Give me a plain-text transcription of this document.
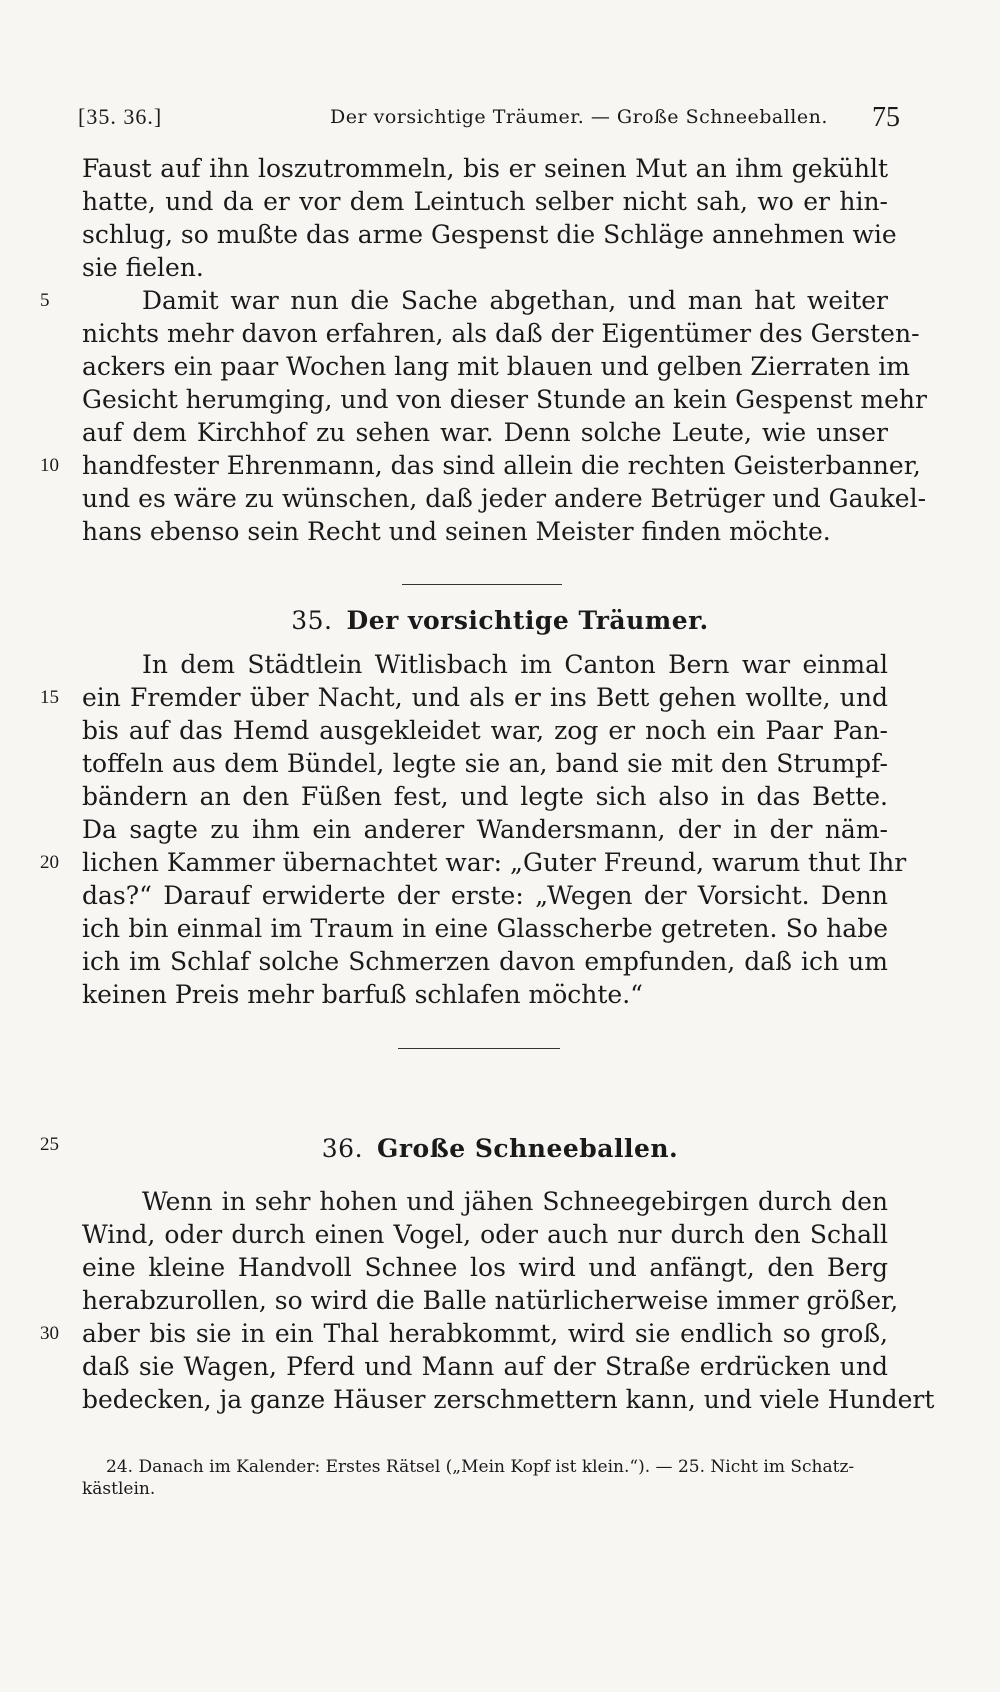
[35. 36.]	Der vorsichtige Träumer. — Große Schneeballen. 75
Faust auf ihn loszutrommeln, bis er seinen Mut an ihm gekühlt
hatte, und da er vor dem Leintuch selber nicht sah, wo er hin-
schlug, so mußte das arme Gespenst die Schläge annehmen wie
sie fielen.
5	Damit war nun die Sache abgethan, und man hat weiter
nichts mehr davon erfahren, als daß der Eigentümer des Gersten-
ackers ein paar Wochen lang mit blauen und gelben Zierraten im
Gesicht herumging, und von dieser Stunde an kein Gespenst mehr
auf dem Kirchhof zu sehen war. Denn solche Leute, wie unser
10 handfester Ehrenmann, das sind allein die rechten Geisterbanner,
und es wäre zu wünschen, daß jeder andere Betrüger und Gaukel-
hans ebenso sein Recht und seinen Meister finden möchte.
35. Der vorsichtige Träumer.
In dem Städtlein Witlisbach im Canton Bern war einmal
15 ein Fremder über Nacht, und als er ins Bett gehen wollte, und
bis auf das Hemd ausgekleidet war, zog er noch ein Paar Pan-
toffeln aus dem Bündel, legte sie an, band sie mit den Strumpf-
bändern an den Füßen fest, und legte sich also in das Bette.
Da sagte zu ihm ein anderer Wandersmann, der in der näm-
20 lichen Kammer übernachtet war: „Guter Freund, warum thut Ihr
das?“ Darauf erwiderte der erste: „Wegen der Vorsicht. Denn
ich bin einmal im Traum in eine Glasscherbe getreten. So habe
ich im Schlaf solche Schmerzen davon empfunden, daß ich um
keinen Preis mehr barfuß schlafen möchte.“
25	36. Große Schneeballen.
Wenn in sehr hohen und jähen Schneegebirgen durch den
Wind, oder durch einen Vogel, oder auch nur durch den Schall
eine kleine Handvoll Schnee los wird und anfängt, den Berg
herabzurollen, so wird die Balle natürlicherweise immer größer,
30 aber bis sie in ein Thal herabkommt, wird sie endlich so groß,
daß sie Wagen, Pferd und Mann auf der Straße erdrücken und
bedecken, ja ganze Häuser zerschmettern kann, und viele Hundert
24. Danach im Kalender: Erstes Rätsel („Mein Kopf ist klein.“). — 25. Nicht im Schatz-
kästlein.
